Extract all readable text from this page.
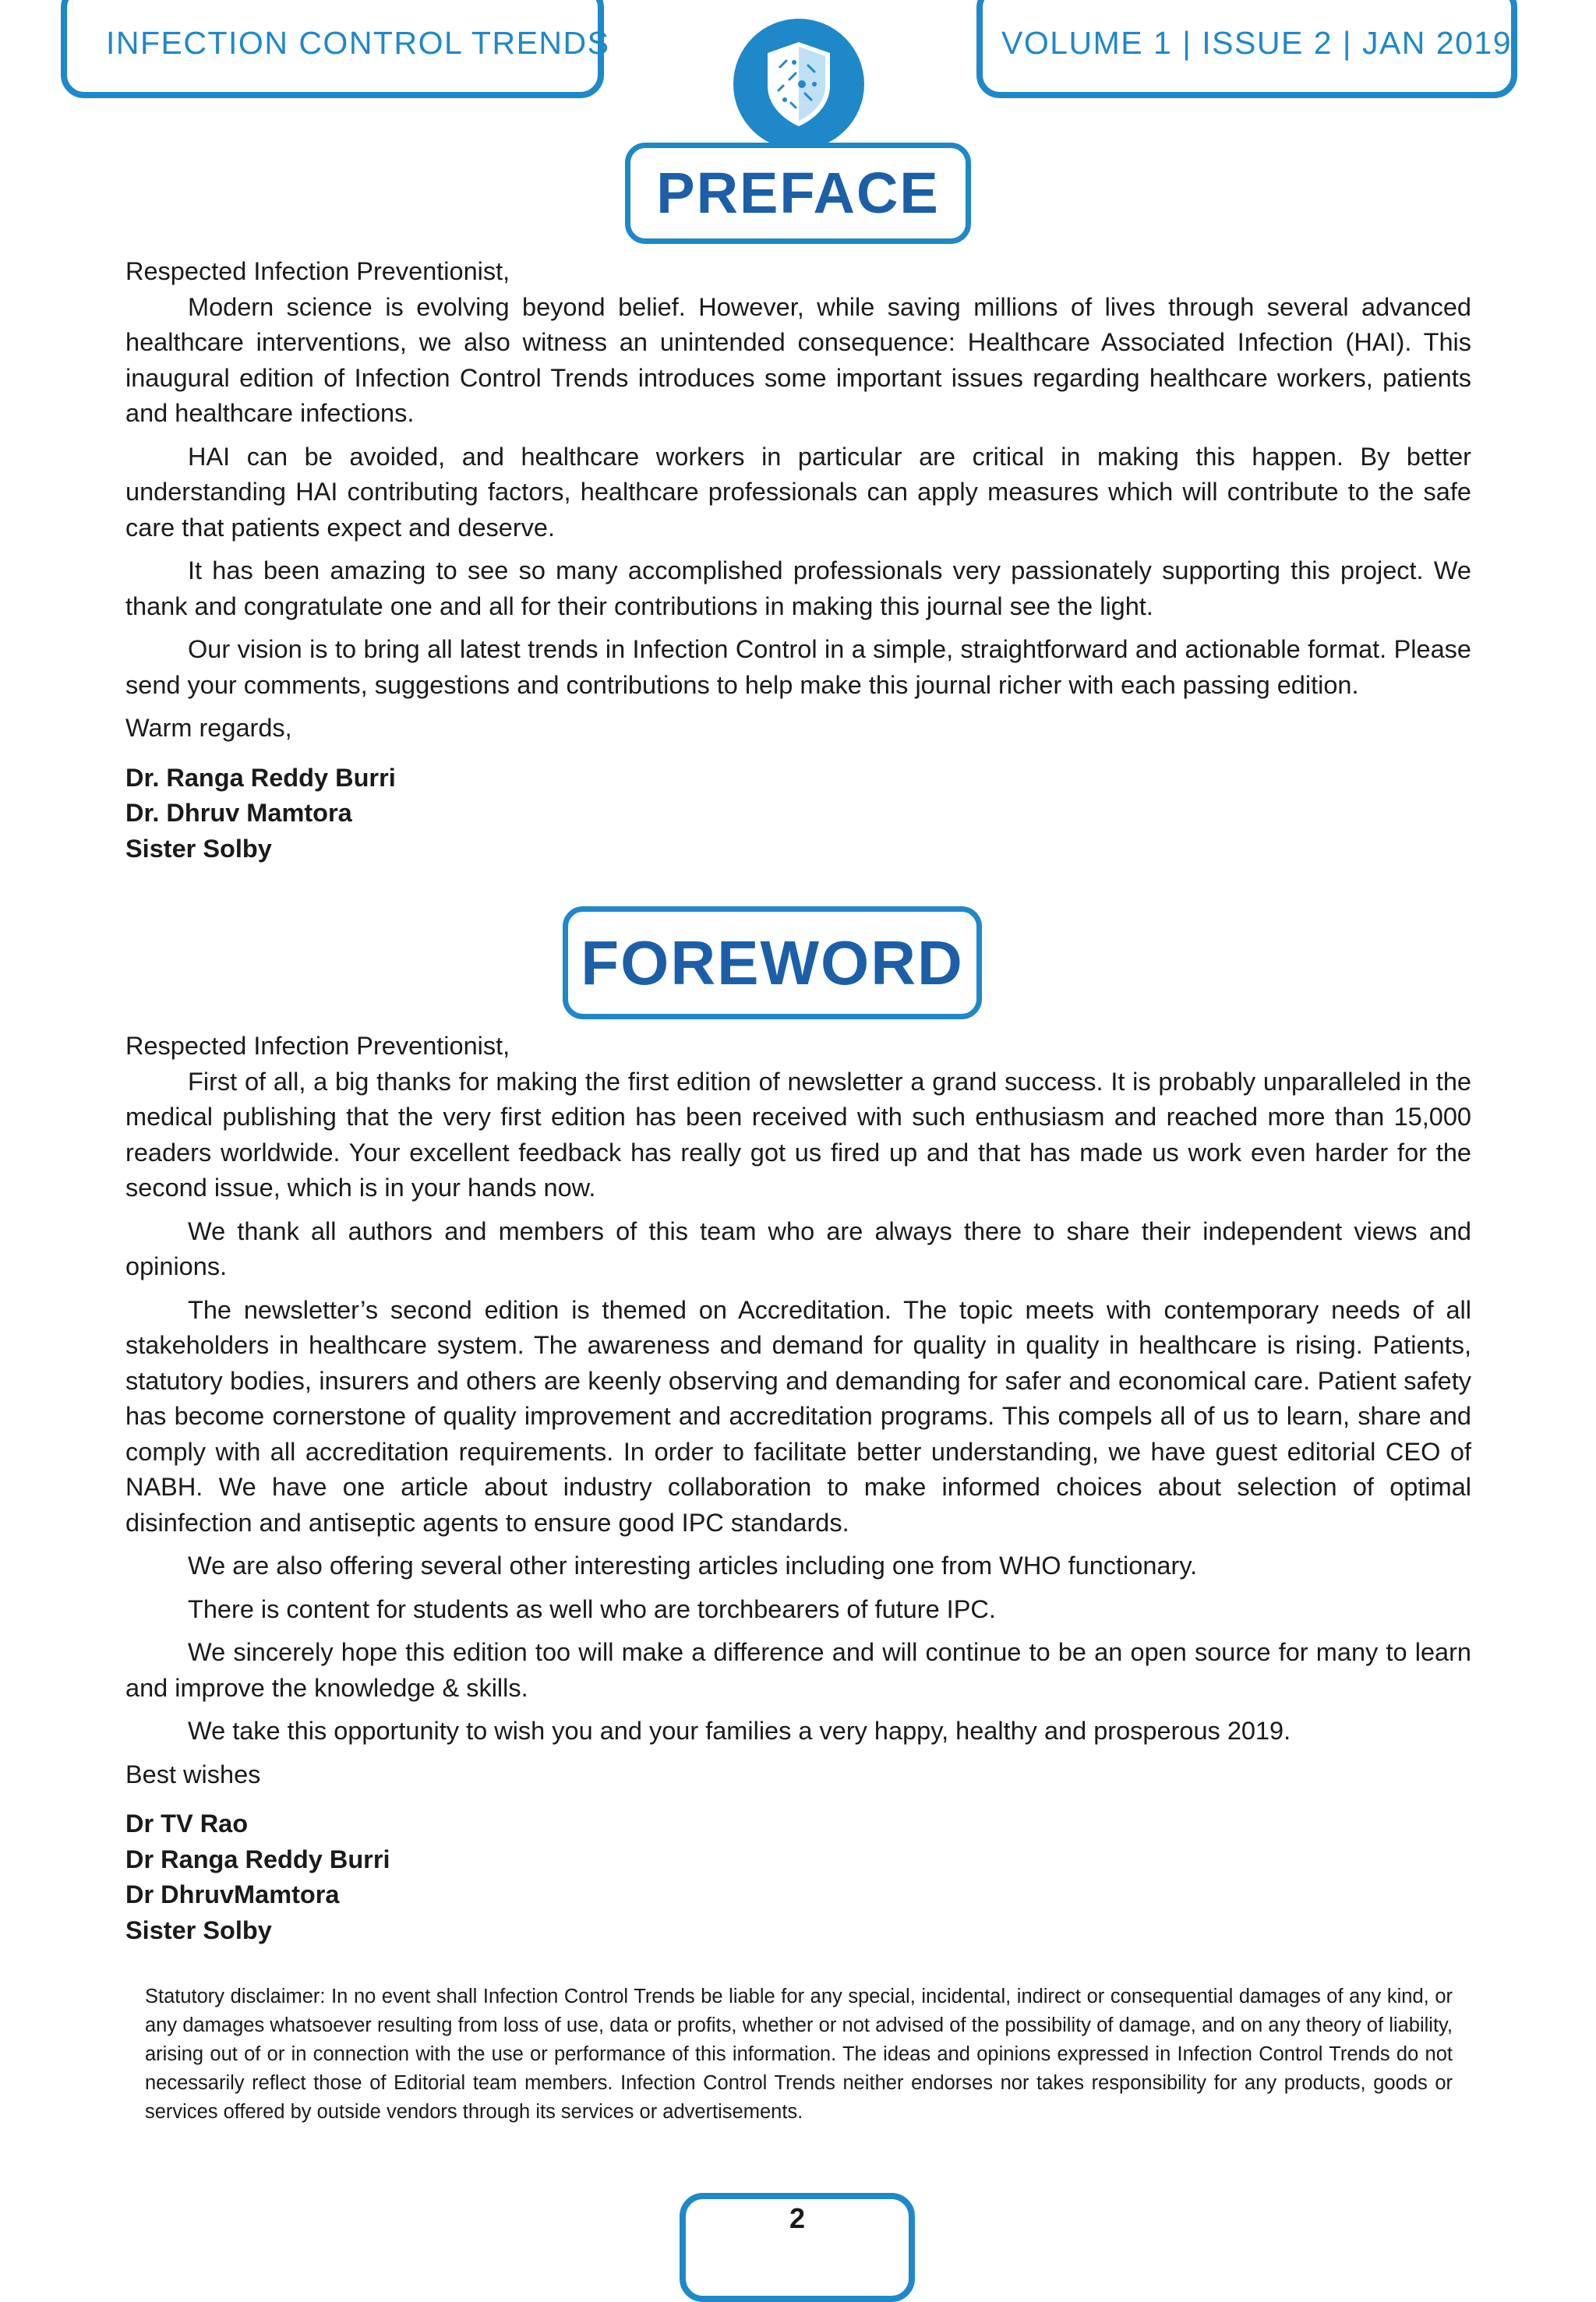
INFECTION CONTROL TRENDS	VOLUME 1 | ISSUE 2 | JAN 2019
PREFACE

Respected Infection Preventionist,

Modern science is evolving beyond belief. However, while saving millions of lives through several advanced healthcare interventions, we also witness an unintended consequence: Healthcare Associated Infection (HAI). This inaugural edition of Infection Control Trends introduces some important issues regarding healthcare workers, patients and healthcare infections.

HAI can be avoided, and healthcare workers in particular are critical in making this happen. By better understanding HAI contributing factors, healthcare professionals can apply measures which will contribute to the safe care that patients expect and deserve.

It has been amazing to see so many accomplished professionals very passionately supporting this project. We thank and congratulate one and all for their contributions in making this journal see the light.

Our vision is to bring all latest trends in Infection Control in a simple, straightforward and actionable format. Please send your comments, suggestions and contributions to help make this journal richer with each passing edition.

Warm regards,

Dr. Ranga Reddy Burri
Dr. Dhruv Mamtora
Sister Solby
FOREWORD

Respected Infection Preventionist,

First of all, a big thanks for making the first edition of newsletter a grand success. It is probably unparalleled in the medical publishing that the very first edition has been received with such enthusiasm and reached more than 15,000 readers worldwide. Your excellent feedback has really got us fired up and that has made us work even harder for the second issue, which is in your hands now.

We thank all authors and members of this team who are always there to share their independent views and opinions.

The newsletter’s second edition is themed on Accreditation. The topic meets with contemporary needs of all stakeholders in healthcare system. The awareness and demand for quality in quality in healthcare is rising. Patients, statutory bodies, insurers and others are keenly observing and demanding for safer and economical care. Patient safety has become cornerstone of quality improvement and accreditation programs. This compels all of us to learn, share and comply with all accreditation requirements. In order to facilitate better understanding, we have guest editorial CEO of NABH. We have one article about industry collaboration to make informed choices about selection of optimal disinfection and antiseptic agents to ensure good IPC standards.

We are also offering several other interesting articles including one from WHO functionary.

There is content for students as well who are torchbearers of future IPC.

We sincerely hope this edition too will make a difference and will continue to be an open source for many to learn and improve the knowledge & skills.

We take this opportunity to wish you and your families a very happy, healthy and prosperous 2019.

Best wishes

Dr TV Rao
Dr Ranga Reddy Burri
Dr DhruvMamtora
Sister Solby
Statutory disclaimer: In no event shall Infection Control Trends be liable for any special, incidental, indirect or consequential damages of any kind, or any damages whatsoever resulting from loss of use, data or profits, whether or not advised of the possibility of damage, and on any theory of liability, arising out of or in connection with the use or performance of this information. The ideas and opinions expressed in Infection Control Trends do not necessarily reflect those of Editorial team members. Infection Control Trends neither endorses nor takes responsibility for any products, goods or services offered by outside vendors through its services or advertisements.
2
